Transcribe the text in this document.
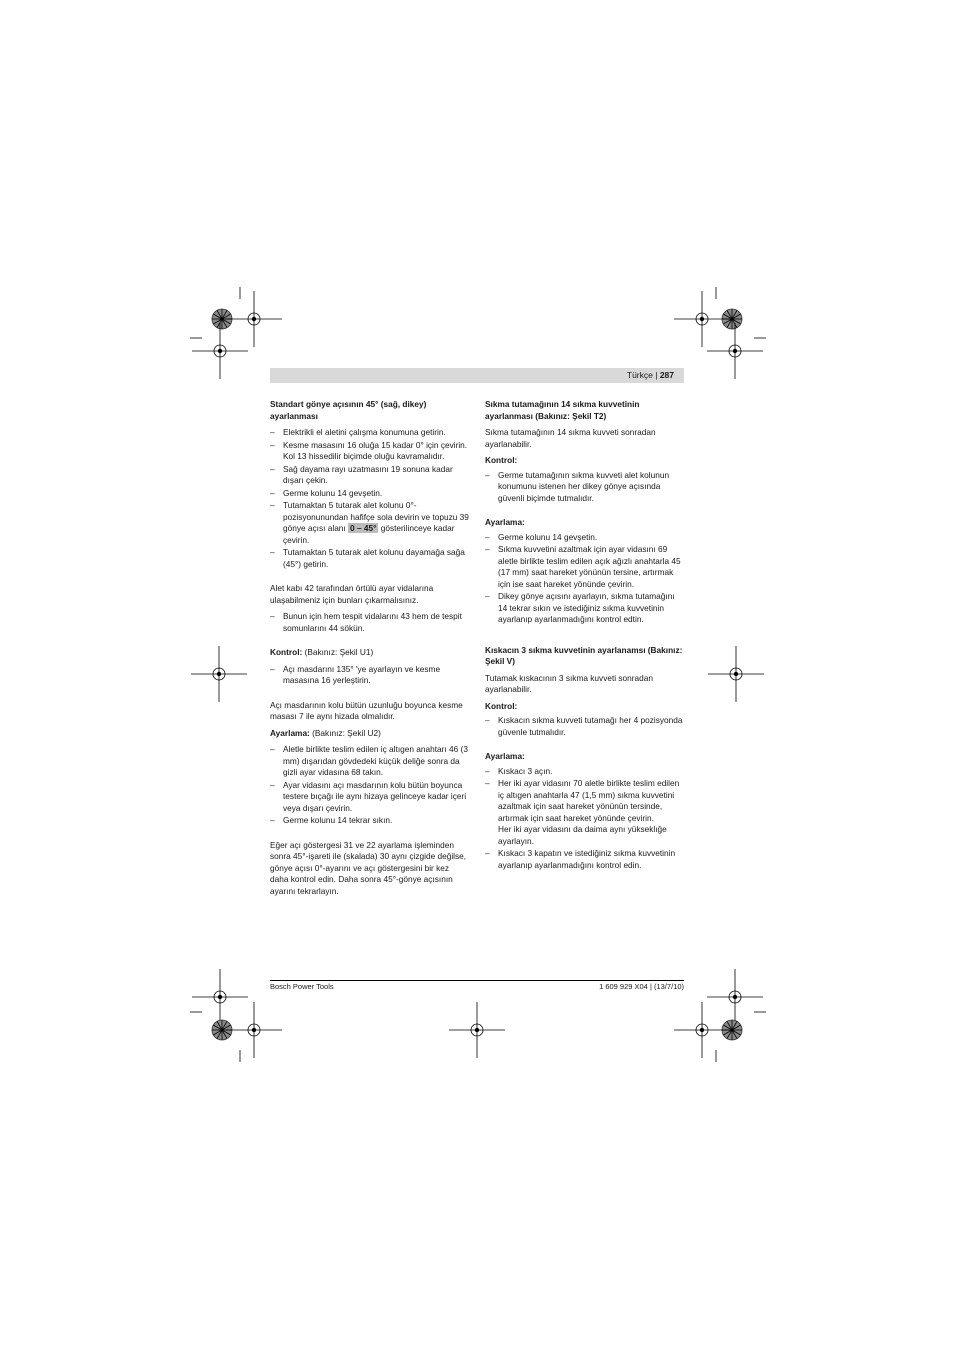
Türkçe | 287
Standart gönye açısının 45° (sağ, dikey) ayarlanması
– Elektrikli el aletini çalışma konumuna getirin.
– Kesme masasını 16 oluğa 15 kadar 0° için çevirin. Kol 13 hissedilir biçimde oluğu kavramalıdır.
– Sağ dayama rayı uzatmasını 19 sonuna kadar dışarı çekin.
– Germe kolunu 14 gevşetin.
– Tutamaktan 5 tutarak alet kolunu 0°-pozisyonunundan hafifçe sola devirin ve topuzu 39 gönye açısı alanı 0 – 45° gösterilinceye kadar çevirin.
– Tutamaktan 5 tutarak alet kolunu dayamağa sağa (45°) getirin.
Alet kabı 42 tarafından örtülü ayar vidalarına ulaşabilmeniz için bunları çıkarmalısınız.
– Bunun için hem tespit vidalarını 43 hem de tespit somunlarını 44 sökün.
Kontrol: (Bakınız: Şekil U1)
– Açı masdarını 135° 'ye ayarlayın ve kesme masasına 16 yerleştirin.
Açı masdarının kolu bütün uzunluğu boyunca kesme masası 7 ile aynı hizada olmalıdır.
Ayarlama: (Bakınız: Şekil U2)
– Aletle birlikte teslim edilen iç altıgen anahtarı 46 (3 mm) dışarıdan gövdedeki küçük deliğe sonra da gizli ayar vidasına 68 takın.
– Ayar vidasını açı masdarının kolu bütün boyunca testere bıçağı ile aynı hizaya gelinceye kadar içeri veya dışarı çevirin.
– Germe kolunu 14 tekrar sıkın.
Eğer açı göstergesi 31 ve 22 ayarlama işleminden sonra 45°-işareti ile (skalada) 30 aynı çizgide değilse, gönye açısı 0°-ayarını ve açı göstergesini bir kez daha kontrol edin. Daha sonra 45°-gönye açısının ayarını tekrarlayın.
Sıkma tutamağının 14 sıkma kuvvetinin ayarlanması (Bakınız: Şekil T2)
Sıkma tutamağının 14 sıkma kuvveti sonradan ayarlanabilir.
Kontrol:
– Germe tutamağının sıkma kuvveti alet kolunun konumunu istenen her dikey gönye açısında güvenli biçimde tutmalıdır.
Ayarlama:
– Germe kolunu 14 gevşetin.
– Sıkma kuvvetini azaltmak için ayar vidasını 69 aletle birlikte teslim edilen açık ağızlı anahtarla 45 (17 mm) saat hareket yönünün tersine, artırmak için ise saat hareket yönünde çevirin.
– Dikey gönye açısını ayarlayın, sıkma tutamağını 14 tekrar sıkın ve istediğiniz sıkma kuvvetinin ayarlanıp ayarlanmadığını kontrol edtin.
Kıskacın 3 sıkma kuvvetinin ayarlanamsı (Bakınız: Şekil V)
Tutamak kıskacının 3 sıkma kuvveti sonradan ayarlanabilir.
Kontrol:
– Kıskacın sıkma kuvveti tutamağı her 4 pozisyonda güvenle tutmalıdır.
Ayarlama:
– Kıskacı 3 açın.
– Her iki ayar vidasını 70 aletle birlikte teslim edilen iç altıgen anahtarla 47 (1,5 mm) sıkma kuvvetini azaltmak için saat hareket yönünün tersinde, artırmak için saat hareket yönünde çevirin.
Her iki ayar vidasını da daima aynı yükseklığe ayarlayın.
– Kıskacı 3 kapatın ve istediğiniz sıkma kuvvetinin ayarlanıp ayarlanmadığını kontrol edin.
Bosch Power Tools	1 609 929 X04 | (13/7/10)
